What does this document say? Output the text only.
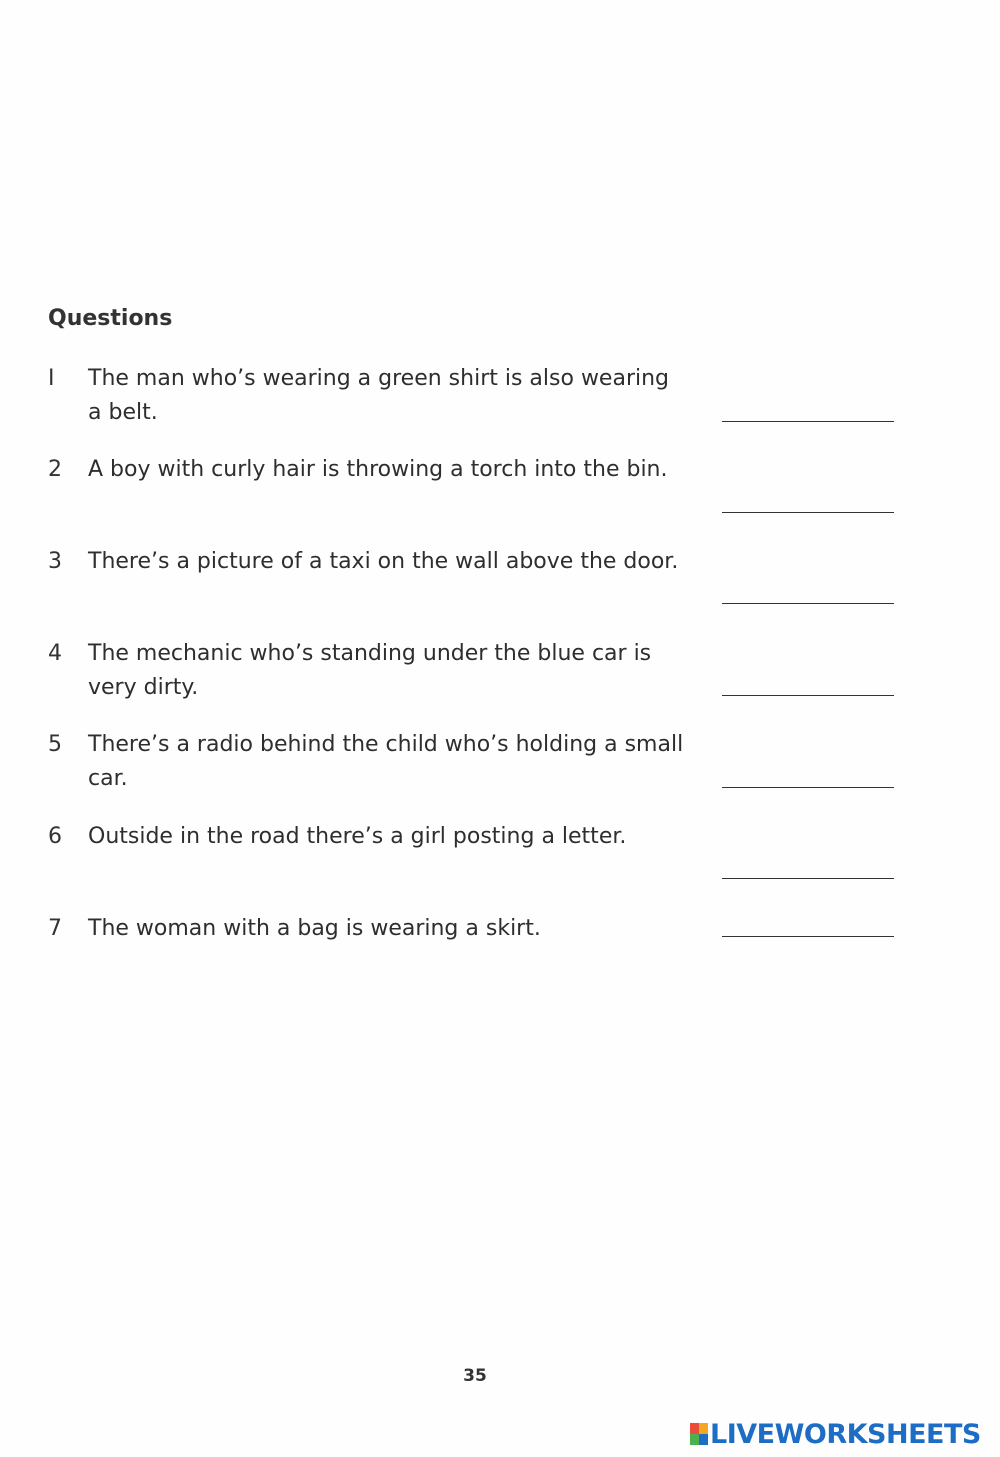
Questions
I The man who’s wearing a green shirt is also wearing a belt.
2 A boy with curly hair is throwing a torch into the bin.
3 There’s a picture of a taxi on the wall above the door.
4 The mechanic who’s standing under the blue car is very dirty.
5 There’s a radio behind the child who’s holding a small car.
6 Outside in the road there’s a girl posting a letter.
7 The woman with a bag is wearing a skirt.
35
LIVEWORKSHEETS
